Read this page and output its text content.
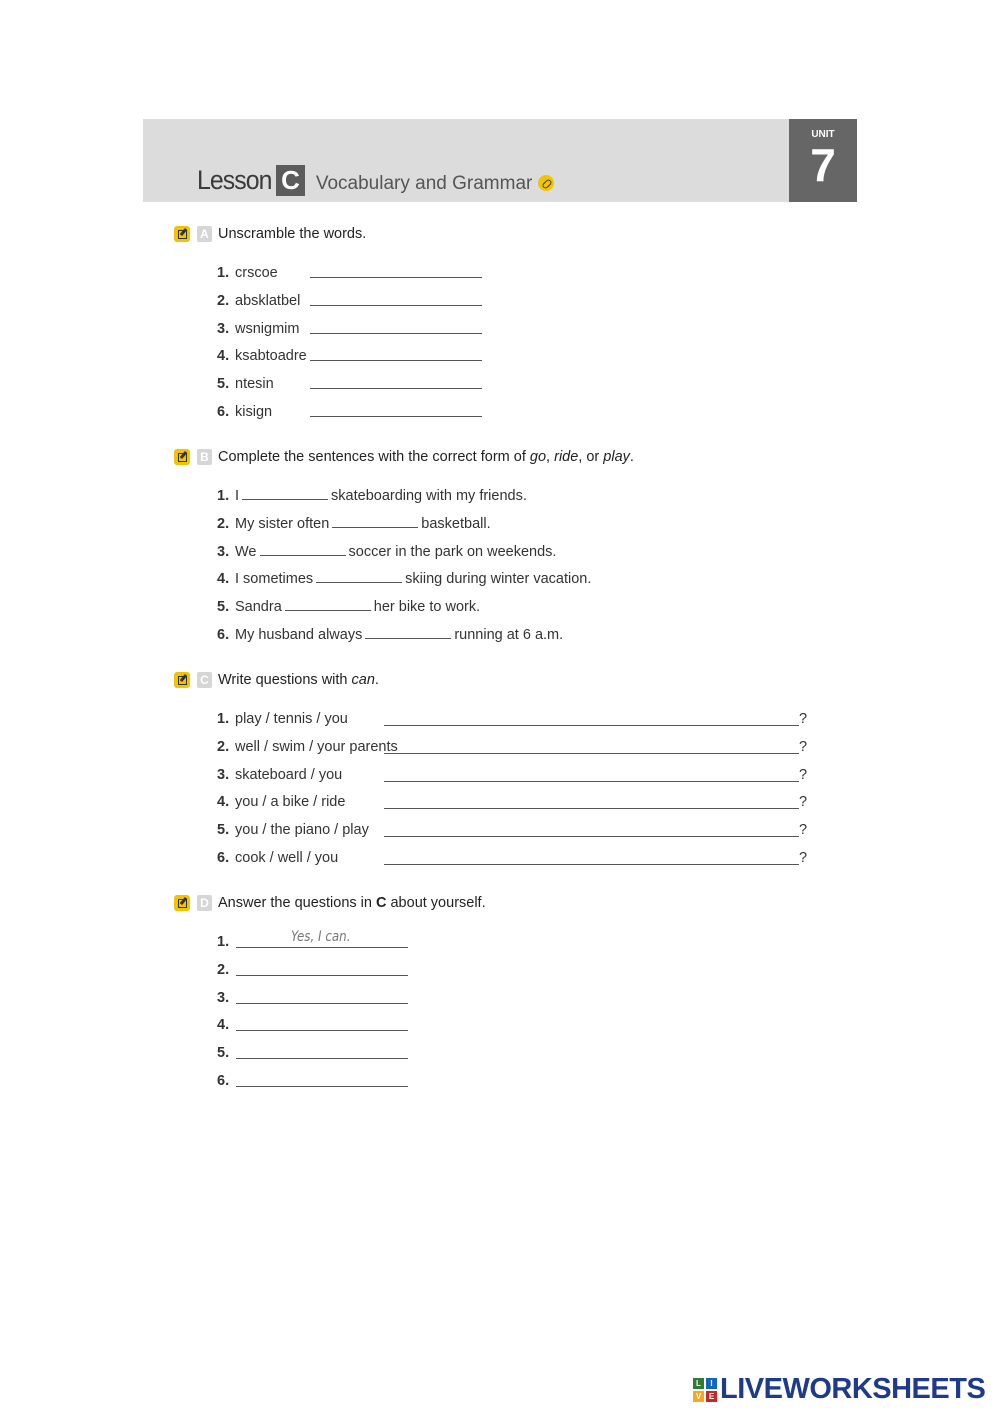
Lesson C Vocabulary and Grammar
UNIT
7
A Unscramble the words.
1. crscoe
2. absklatbel
3. wsnigmim
4. ksabtoadre
5. ntesin
6. kisign
B Complete the sentences with the correct form of go, ride, or play.
1. I	skateboarding with my friends.
2. My sister often	basketball.
3. We	soccer in the park on weekends.
4. I sometimes	skiing during winter vacation.
5. Sandra	her bike to work.
6. My husband always	running at 6 a.m.
C Write questions with can.
1. play / tennis / you	?
2. well / swim / your parents	?
3. skateboard / you	?
4. you / a bike / ride	?
5. you / the piano / play	?
6. cook / well / you	?
D Answer the questions in C about yourself.
1.	Yes, I can.
2.
3.
4.
5.
6.
L	I
V E LIVEWORKSHEETS
